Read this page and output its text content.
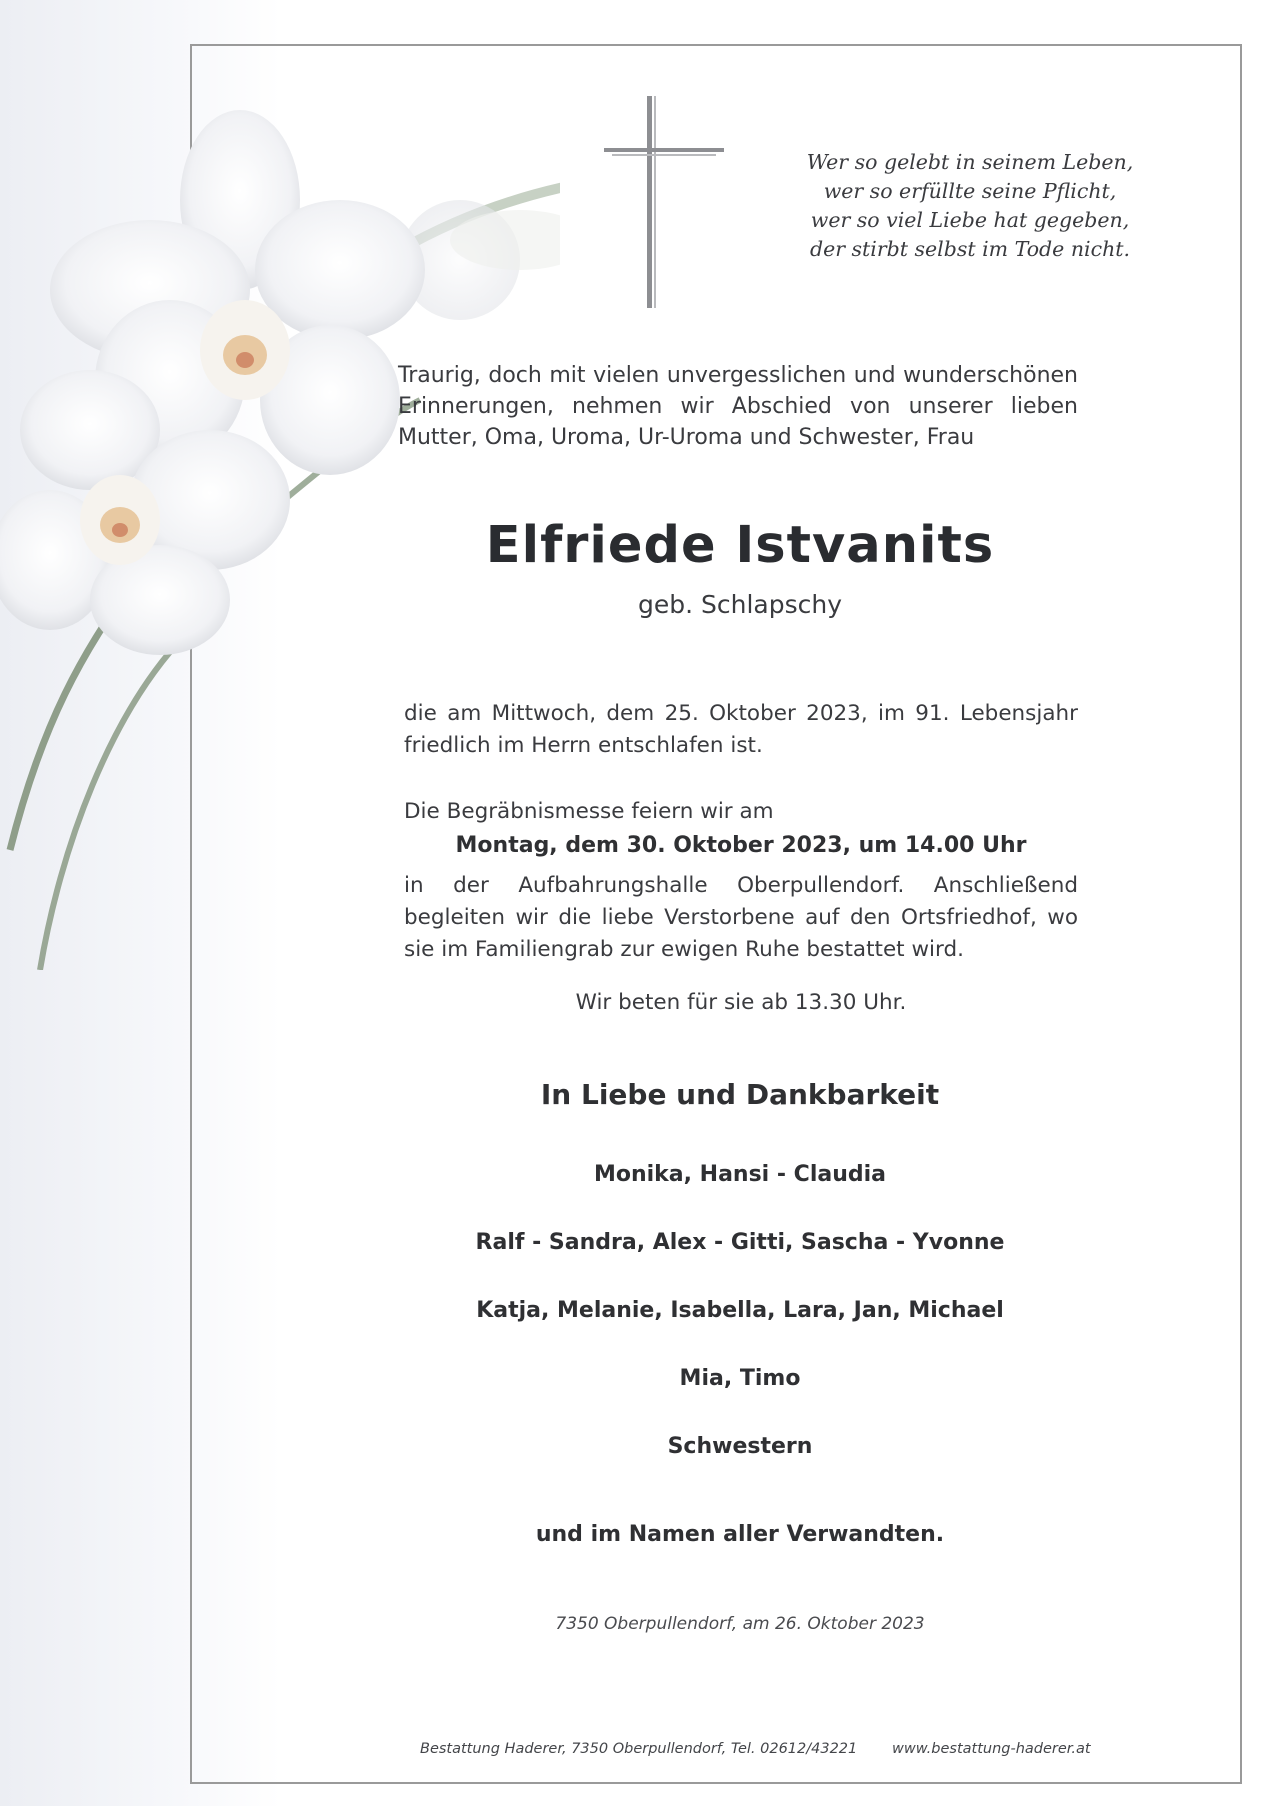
Wer so gelebt in seinem Leben,
wer so erfüllte seine Pflicht,
wer so viel Liebe hat gegeben,
der stirbt selbst im Tode nicht.
Traurig, doch mit vielen unvergesslichen und wunderschönen
Erinnerungen, nehmen wir Abschied von unserer lieben
Mutter, Oma, Uroma, Ur-Uroma und Schwester, Frau
Elfriede Istvanits
geb. Schlapschy
die am Mittwoch, dem 25. Oktober 2023, im 91. Lebensjahr
friedlich im Herrn entschlafen ist.
Die Begräbnismesse feiern wir am
Montag, dem 30. Oktober 2023, um 14.00 Uhr
in der Aufbahrungshalle Oberpullendorf. Anschließend
begleiten wir die liebe Verstorbene auf den Ortsfriedhof, wo
sie im Familiengrab zur ewigen Ruhe bestattet wird.
Wir beten für sie ab 13.30 Uhr.
In Liebe und Dankbarkeit
Monika, Hansi - Claudia
Ralf - Sandra, Alex - Gitti, Sascha - Yvonne
Katja, Melanie, Isabella, Lara, Jan, Michael
Mia, Timo
Schwestern
und im Namen aller Verwandten.
7350 Oberpullendorf, am 26. Oktober 2023
Bestattung Haderer, 7350 Oberpullendorf, Tel. 02612/43221 www.bestattung-haderer.at
